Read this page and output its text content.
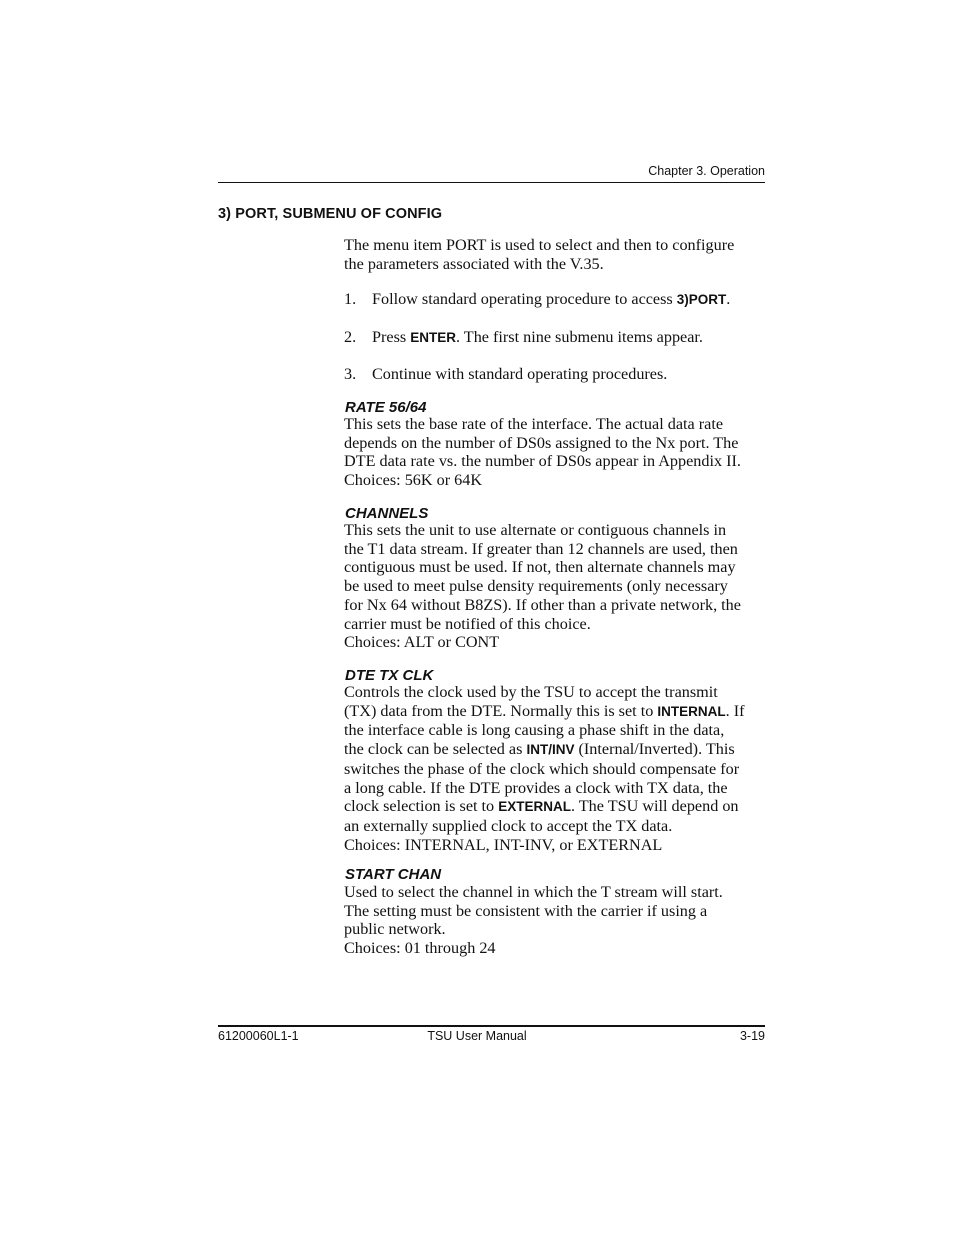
Chapter 3. Operation
3) PORT, SUBMENU OF CONFIG
The menu item PORT is used to select and then to configure
the parameters associated with the V.35.
1. Follow standard operating procedure to access 3)PORT.
2. Press ENTER. The first nine submenu items appear.
3. Continue with standard operating procedures.
RATE 56/64
This sets the base rate of the interface. The actual data rate
depends on the number of DS0s assigned to the Nx port. The
DTE data rate vs. the number of DS0s appear in Appendix II.
Choices: 56K or 64K
CHANNELS
This sets the unit to use alternate or contiguous channels in
the T1 data stream. If greater than 12 channels are used, then
contiguous must be used. If not, then alternate channels may
be used to meet pulse density requirements (only necessary
for Nx 64 without B8ZS). If other than a private network, the
carrier must be notified of this choice.
Choices: ALT or CONT
DTE TX CLK
Controls the clock used by the TSU to accept the transmit
(TX) data from the DTE. Normally this is set to INTERNAL. If
the interface cable is long causing a phase shift in the data,
the clock can be selected as INT/INV (Internal/Inverted). This
switches the phase of the clock which should compensate for
a long cable. If the DTE provides a clock with TX data, the
clock selection is set to EXTERNAL. The TSU will depend on
an externally supplied clock to accept the TX data.
Choices: INTERNAL, INT-INV, or EXTERNAL
START CHAN
Used to select the channel in which the T stream will start.
The setting must be consistent with the carrier if using a
public network.
Choices: 01 through 24
61200060L1-1	TSU User Manual	3-19
